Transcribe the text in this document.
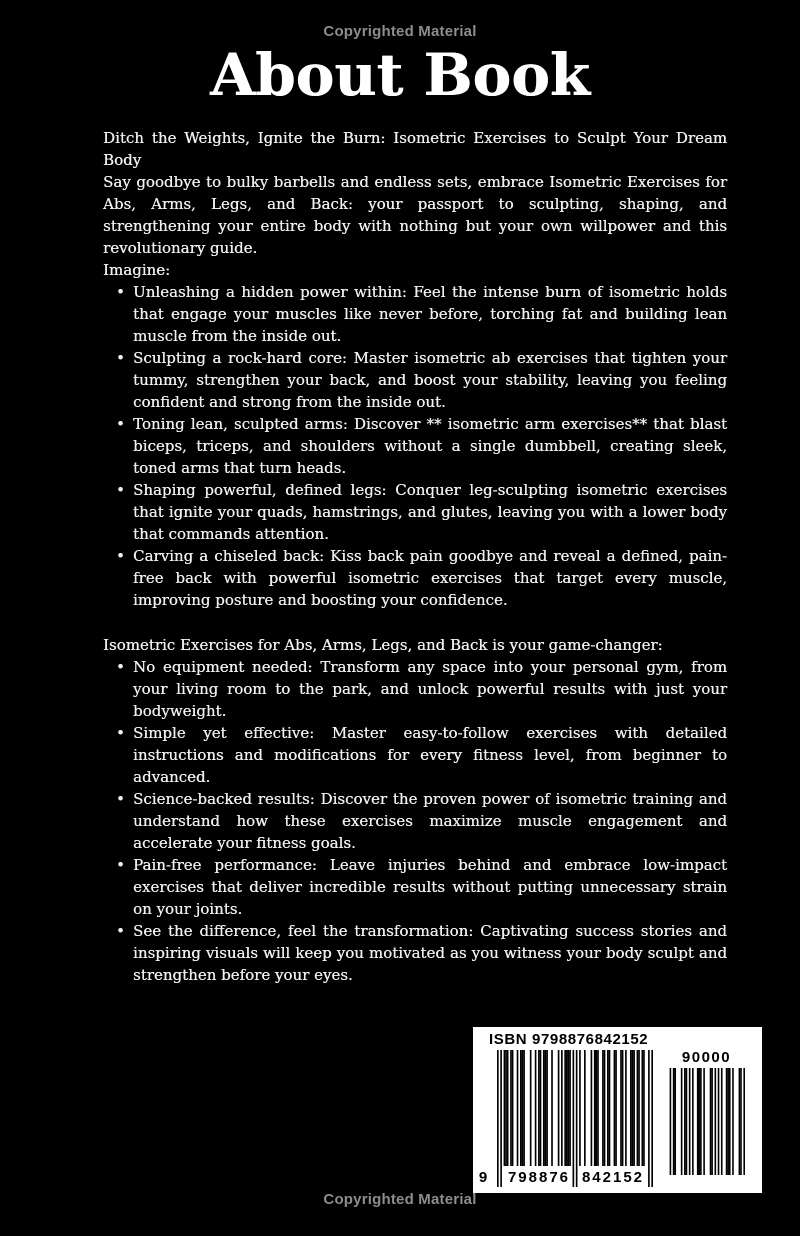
Copyrighted Material
About Book

Ditch the Weights, Ignite the Burn: Isometric Exercises to Sculpt Your Dream Body

Say goodbye to bulky barbells and endless sets, embrace Isometric Exercises for Abs, Arms, Legs, and Back: your passport to sculpting, shaping, and strengthening your entire body with nothing but your own willpower and this revolutionary guide.

Imagine:

• Unleashing a hidden power within: Feel the intense burn of isometric holds that engage your muscles like never before, torching fat and building lean muscle from the inside out.
• Sculpting a rock-hard core: Master isometric ab exercises that tighten your tummy, strengthen your back, and boost your stability, leaving you feeling confident and strong from the inside out.
• Toning lean, sculpted arms: Discover ** isometric arm exercises** that blast biceps, triceps, and shoulders without a single dumbbell, creating sleek, toned arms that turn heads.
• Shaping powerful, defined legs: Conquer leg-sculpting isometric exercises that ignite your quads, hamstrings, and glutes, leaving you with a lower body that commands attention.
• Carving a chiseled back: Kiss back pain goodbye and reveal a defined, pain-free back with powerful isometric exercises that target every muscle, improving posture and boosting your confidence.

Isometric Exercises for Abs, Arms, Legs, and Back is your game-changer:

• No equipment needed: Transform any space into your personal gym, from your living room to the park, and unlock powerful results with just your bodyweight.
• Simple yet effective: Master easy-to-follow exercises with detailed instructions and modifications for every fitness level, from beginner to advanced.
• Science-backed results: Discover the proven power of isometric training and understand how these exercises maximize muscle engagement and accelerate your fitness goals.
• Pain-free performance: Leave injuries behind and embrace low-impact exercises that deliver incredible results without putting unnecessary strain on your joints.
• See the difference, feel the transformation: Captivating success stories and inspiring visuals will keep you motivated as you witness your body sculpt and strengthen before your eyes.
ISBN 9798876842152
9	798876 842152
90000
Copyrighted Material
